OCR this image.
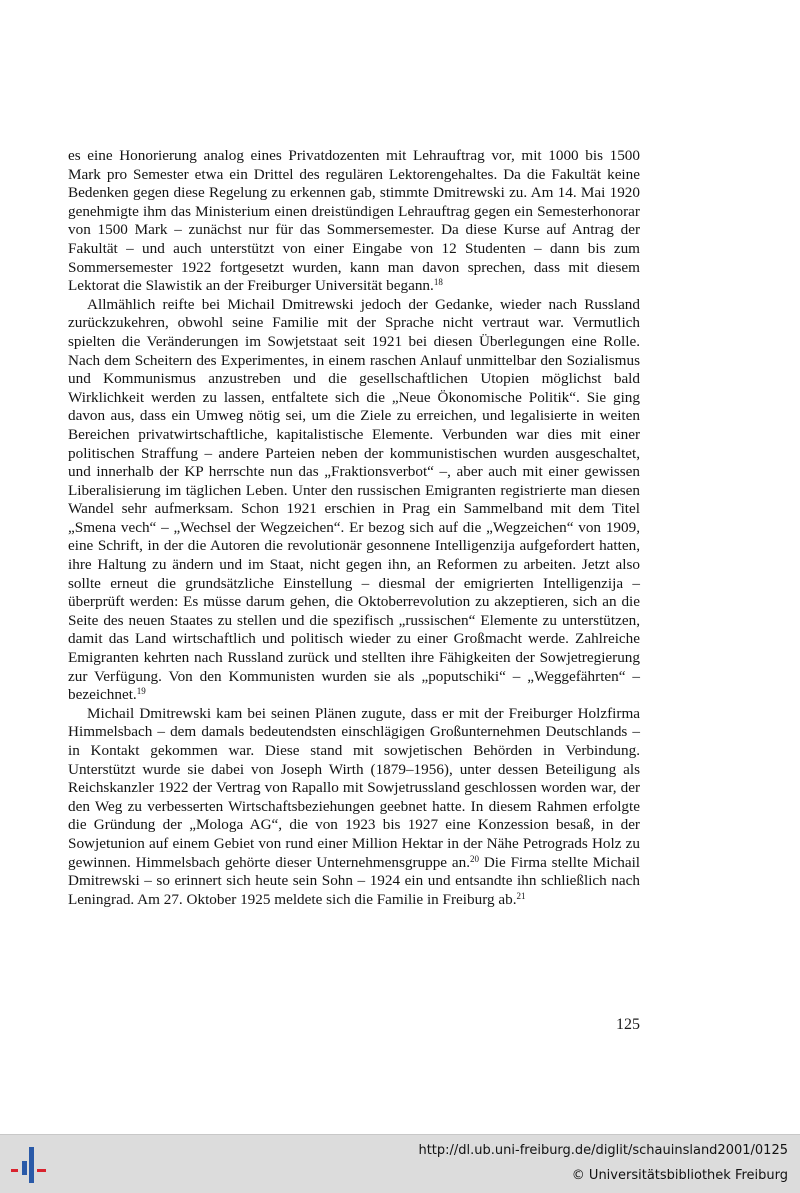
es eine Honorierung analog eines Privatdozenten mit Lehrauftrag vor, mit 1000 bis 1500 Mark pro Semester etwa ein Drittel des regulären Lektorengehaltes. Da die Fakultät keine Bedenken gegen diese Regelung zu erkennen gab, stimmte Dmitrewski zu. Am 14. Mai 1920 genehmigte ihm das Ministerium einen dreistündigen Lehrauftrag gegen ein Semesterhonorar von 1500 Mark – zunächst nur für das Sommersemester. Da diese Kurse auf Antrag der Fakultät – und auch unterstützt von einer Eingabe von 12 Studenten – dann bis zum Sommersemester 1922 fortgesetzt wurden, kann man davon sprechen, dass mit diesem Lektorat die Slawistik an der Freiburger Universität begann.$^{18}$

Allmählich reifte bei Michail Dmitrewski jedoch der Gedanke, wieder nach Russland zurückzukehren, obwohl seine Familie mit der Sprache nicht vertraut war. Vermutlich spielten die Veränderungen im Sowjetstaat seit 1921 bei diesen Überlegungen eine Rolle. Nach dem Scheitern des Experimentes, in einem raschen Anlauf unmittelbar den Sozialismus und Kommunismus anzustreben und die gesellschaftlichen Utopien möglichst bald Wirklichkeit werden zu lassen, entfaltete sich die „Neue Ökonomische Politik“. Sie ging davon aus, dass ein Umweg nötig sei, um die Ziele zu erreichen, und legalisierte in weiten Bereichen privatwirtschaftliche, kapitalistische Elemente. Verbunden war dies mit einer politischen Straffung – andere Parteien neben der kommunistischen wurden ausgeschaltet, und innerhalb der KP herrschte nun das „Fraktionsverbot“ –, aber auch mit einer gewissen Liberalisierung im täglichen Leben. Unter den russischen Emigranten registrierte man diesen Wandel sehr aufmerksam. Schon 1921 erschien in Prag ein Sammelband mit dem Titel „Smena vech“ – „Wechsel der Wegzeichen“. Er bezog sich auf die „Wegzeichen“ von 1909, eine Schrift, in der die Autoren die revolutionär gesonnene Intelligenzija aufgefordert hatten, ihre Haltung zu ändern und im Staat, nicht gegen ihn, an Reformen zu arbeiten. Jetzt also sollte erneut die grundsätzliche Einstellung – diesmal der emigrierten Intelligenzija – überprüft werden: Es müsse darum gehen, die Oktoberrevolution zu akzeptieren, sich an die Seite des neuen Staates zu stellen und die spezifisch „russischen“ Elemente zu unterstützen, damit das Land wirtschaftlich und politisch wieder zu einer Großmacht werde. Zahlreiche Emigranten kehrten nach Russland zurück und stellten ihre Fähigkeiten der Sowjetregierung zur Verfügung. Von den Kommunisten wurden sie als „poputschiki“ – „Weggefährten“ – bezeichnet.$^{19}$

Michail Dmitrewski kam bei seinen Plänen zugute, dass er mit der Freiburger Holzfirma Himmelsbach – dem damals bedeutendsten einschlägigen Großunternehmen Deutschlands – in Kontakt gekommen war. Diese stand mit sowjetischen Behörden in Verbindung. Unterstützt wurde sie dabei von Joseph Wirth (1879–1956), unter dessen Beteiligung als Reichskanzler 1922 der Vertrag von Rapallo mit Sowjetrussland geschlossen worden war, der den Weg zu verbesserten Wirtschaftsbeziehungen geebnet hatte. In diesem Rahmen erfolgte die Gründung der „Mologa AG“, die von 1923 bis 1927 eine Konzession besaß, in der Sowjetunion auf einem Gebiet von rund einer Million Hektar in der Nähe Petrograds Holz zu gewinnen. Himmelsbach gehörte dieser Unternehmensgruppe an.$^{20}$ Die Firma stellte Michail Dmitrewski – so erinnert sich heute sein Sohn – 1924 ein und entsandte ihn schließlich nach Leningrad. Am 27. Oktober 1925 meldete sich die Familie in Freiburg ab.$^{21}$

125
http://dl.ub.uni-freiburg.de/diglit/schauinsland2001/0125
© Universitätsbibliothek Freiburg
